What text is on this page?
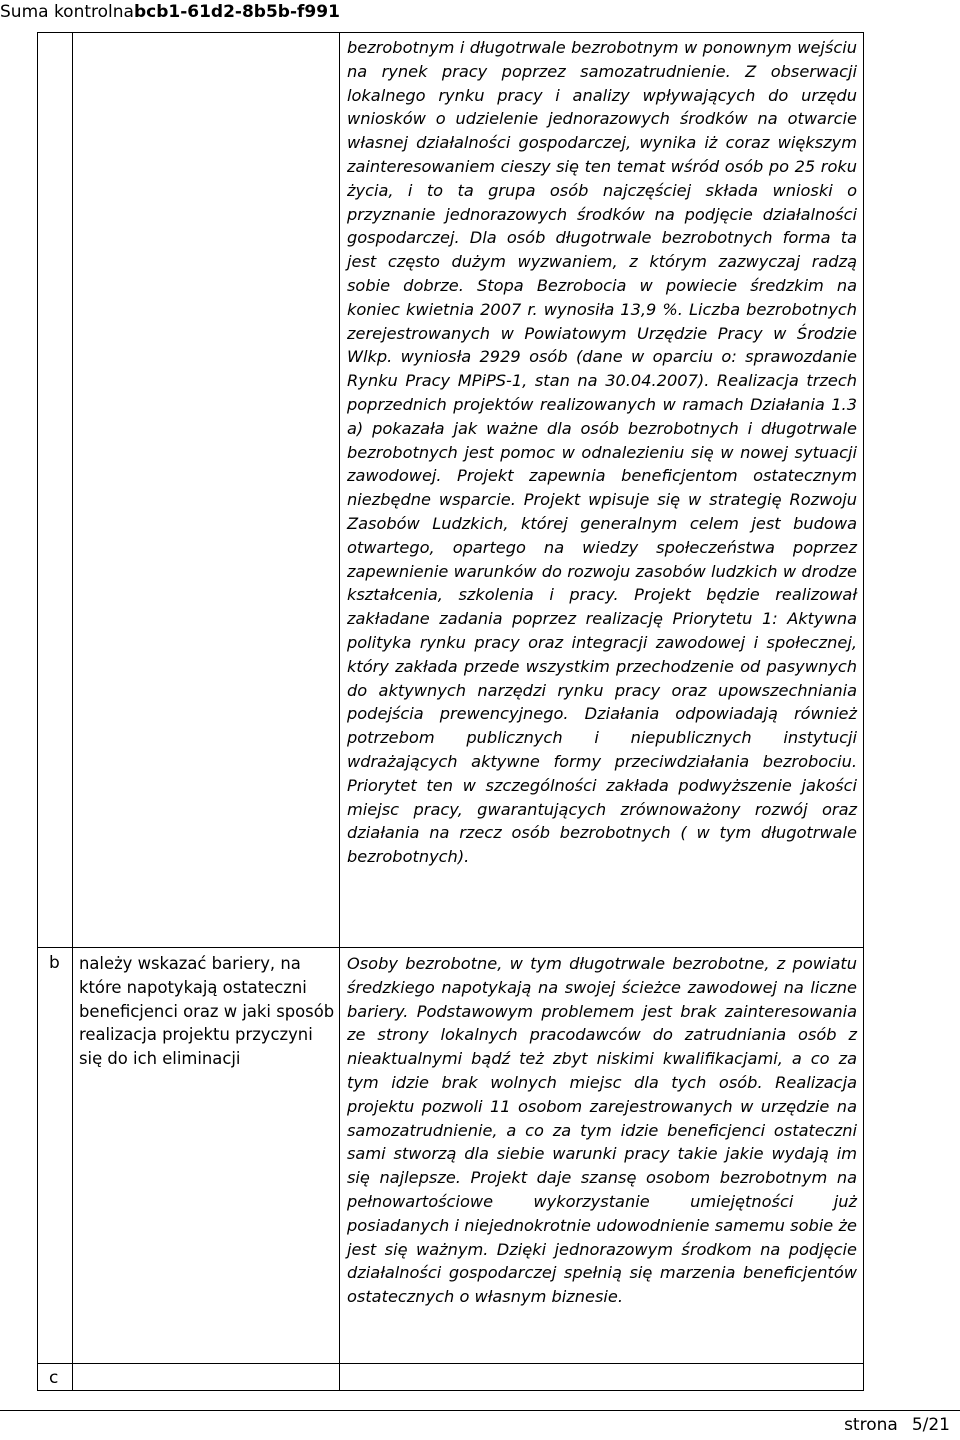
Suma kontrolnabcb1-61d2-8b5b-f991

bezrobotnym i długotrwale bezrobotnym w ponownym wejściu na rynek pracy poprzez samozatrudnienie. Z obserwacji lokalnego rynku pracy i analizy wpływających do urzędu wniosków o udzielenie jednorazowych środków na otwarcie własnej działalności gospodarczej, wynika iż coraz większym zainteresowaniem cieszy się ten temat wśród osób po 25 roku życia, i to ta grupa osób najczęściej składa wnioski o przyznanie jednorazowych środków na podjęcie działalności gospodarczej. Dla osób długotrwale bezrobotnych forma ta jest często dużym wyzwaniem, z którym zazwyczaj radzą sobie dobrze. Stopa Bezrobocia w powiecie średzkim na koniec kwietnia 2007 r. wynosiła 13,9 %. Liczba bezrobotnych zerejestrowanych w Powiatowym Urzędzie Pracy w Środzie Wlkp. wyniosła 2929 osób (dane w oparciu o: sprawozdanie Rynku Pracy MPiPS-1, stan na 30.04.2007). Realizacja trzech poprzednich projektów realizowanych w ramach Działania 1.3 a) pokazała jak ważne dla osób bezrobotnych i długotrwale bezrobotnych jest pomoc w odnalezieniu się w nowej sytuacji zawodowej. Projekt zapewnia beneficjentom ostatecznym niezbędne wsparcie. Projekt wpisuje się w strategię Rozwoju Zasobów Ludzkich, której generalnym celem jest budowa otwartego, opartego na wiedzy społeczeństwa poprzez zapewnienie warunków do rozwoju zasobów ludzkich w drodze kształcenia, szkolenia i pracy. Projekt będzie realizował zakładane zadania poprzez realizację Priorytetu 1: Aktywna polityka rynku pracy oraz integracji zawodowej i społecznej, który zakłada przede wszystkim przechodzenie od pasywnych do aktywnych narzędzi rynku pracy oraz upowszechniania podejścia prewencyjnego. Działania odpowiadają również potrzebom publicznych i niepublicznych instytucji wdrażających aktywne formy przeciwdziałania bezrobociu. Priorytet ten w szczególności zakłada podwyższenie jakości miejsc pracy, gwarantujących zrównoważony rozwój oraz działania na rzecz osób bezrobotnych ( w tym długotrwale bezrobotnych).

b należy wskazać bariery, na które napotykają ostateczni beneficjenci oraz w jaki sposób realizacja projektu przyczyni się do ich eliminacji

Osoby bezrobotne, w tym długotrwale bezrobotne, z powiatu średzkiego napotykają na swojej ścieżce zawodowej na liczne bariery. Podstawowym problemem jest brak zainteresowania ze strony lokalnych pracodawców do zatrudniania osób z nieaktualnymi bądź też zbyt niskimi kwalifikacjami, a co za tym idzie brak wolnych miejsc dla tych osób. Realizacja projektu pozwoli 11 osobom zarejestrowanych w urzędzie na samozatrudnienie, a co za tym idzie beneficjenci ostateczni sami stworzą dla siebie warunki pracy takie jakie wydają im się najlepsze. Projekt daje szansę osobom bezrobotnym na pełnowartościowe wykorzystanie umiejętności już posiadanych i niejednokrotnie udowodnienie samemu sobie że jest się ważnym. Dzięki jednorazowym środkom na podjęcie działalności gospodarczej spełnią się marzenia beneficjentów ostatecznych o własnym biznesie.

c
strona 5/21
